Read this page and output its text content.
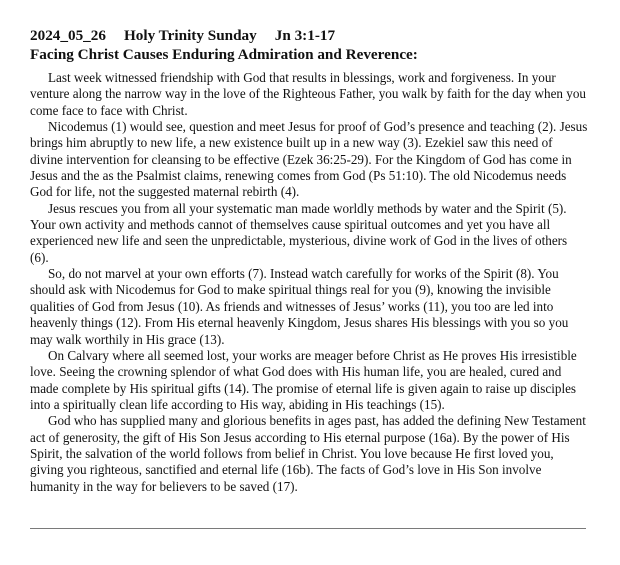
2024_05_26 Holy Trinity Sunday Jn 3:1-17
Facing Christ Causes Enduring Admiration and Reverence:

Last week witnessed friendship with God that results in blessings, work and forgiveness. In your venture along the narrow way in the love of the Righteous Father, you walk by faith for the day when you come face to face with Christ.

Nicodemus (1) would see, question and meet Jesus for proof of God’s presence and teaching (2). Jesus brings him abruptly to new life, a new existence built up in a new way (3). Ezekiel saw this need of divine intervention for cleansing to be effective (Ezek 36:25-29). For the Kingdom of God has come in Jesus and the as the Psalmist claims, renewing comes from God (Ps 51:10). The old Nicodemus needs God for life, not the suggested maternal rebirth (4).

Jesus rescues you from all your systematic man made worldly methods by water and the Spirit (5). Your own activity and methods cannot of themselves cause spiritual outcomes and yet you have all experienced new life and seen the unpredictable, mysterious, divine work of God in the lives of others (6).

So, do not marvel at your own efforts (7). Instead watch carefully for works of the Spirit (8). You should ask with Nicodemus for God to make spiritual things real for you (9), knowing the invisible qualities of God from Jesus (10). As friends and witnesses of Jesus’ works (11), you too are led into heavenly things (12). From His eternal heavenly Kingdom, Jesus shares His blessings with you so you may walk worthily in His grace (13).

On Calvary where all seemed lost, your works are meager before Christ as He proves His irresistible love. Seeing the crowning splendor of what God does with His human life, you are healed, cured and made complete by His spiritual gifts (14). The promise of eternal life is given again to raise up disciples into a spiritually clean life according to His way, abiding in His teachings (15).

God who has supplied many and glorious benefits in ages past, has added the defining New Testament act of generosity, the gift of His Son Jesus according to His eternal purpose (16a). By the power of His Spirit, the salvation of the world follows from belief in Christ. You love because He first loved you, giving you righteous, sanctified and eternal life (16b). The facts of God’s love in His Son involve humanity in the way for believers to be saved (17).
